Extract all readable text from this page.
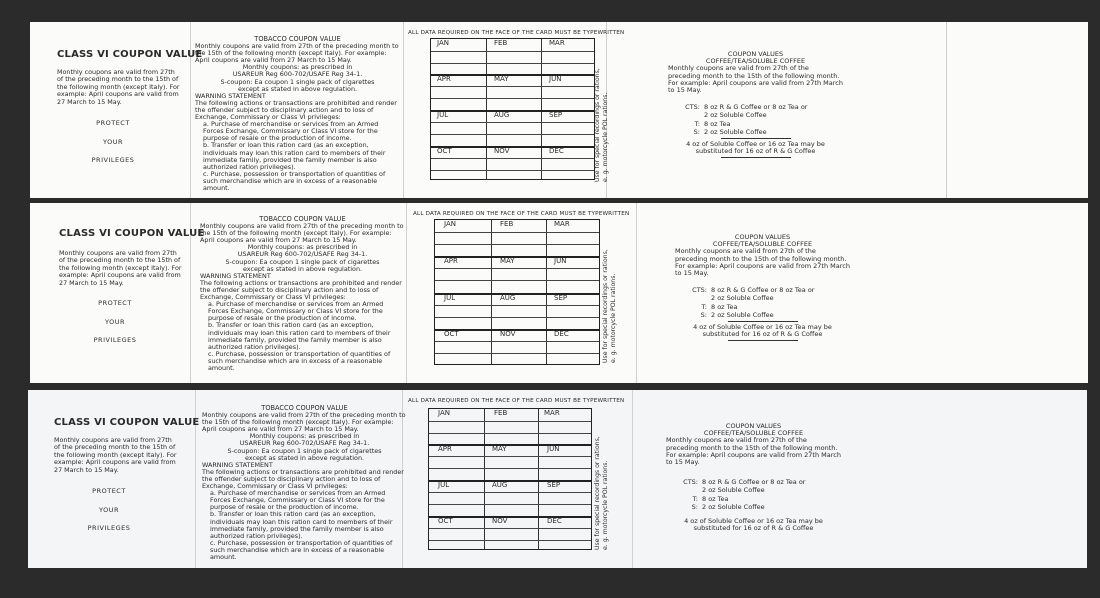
CLASS VI COUPON VALUE
Monthly coupons are valid from 27th of the preceding month to the 15th of the following month (except Italy). For example: April coupons are valid from 27 March to 15 May.
PROTECT
YOUR
PRIVILEGES
TOBACCO COUPON VALUE
Monthly coupons are valid from 27th of the preceding month to the 15th of the following month (except Italy). For example: April coupons are valid from 27 March to 15 May.
Monthly coupons: as prescribed in
USAREUR Reg 600-702/USAFE Reg 34-1.
S-coupon: Ea coupon 1 single pack of cigarettes
except as stated in above regulation.
WARNING STATEMENT
The following actions or transactions are prohibited and render the offender subject to disciplinary action and to loss of Exchange, Commissary or Class VI privileges:
a. Purchase of merchandise or services from an Armed Forces Exchange, Commissary or Class VI store for the purpose of resale or the production of income.
b. Transfer or loan this ration card (as an exception, individuals may loan this ration card to members of their immediate family, provided the family member is also authorized ration privileges).
c. Purchase, possession or transportation of quantities of such merchandise which are in excess of a reasonable amount.
ALL DATA REQUIRED ON THE FACE OF THE CARD MUST BE TYPEWRITTEN
JAN	FEB	MAR
APR	MAY	JUN
JUL	AUG	SEP
OCT	NOV	DEC	Use for special recordings or rations, e. g. motorcycle POL rations.
COUPON VALUES
COFFEE/TEA/SOLUBLE COFFEE
Monthly coupons are valid from 27th of the preceding month to the 15th of the following month. For example: April coupons are valid from 27th March to 15 May.
CTS: 8 oz R & G Coffee or 8 oz Tea or
2 oz Soluble Coffee
T: 8 oz Tea
S: 2 oz Soluble Coffee
4 oz of Soluble Coffee or 16 oz Tea may be substituted for 16 oz of R & G Coffee
CLASS VI COUPON VALUE
Monthly coupons are valid from 27th of the preceding month to the 15th of the following month (except Italy). For example: April coupons are valid from 27 March to 15 May.
PROTECT
YOUR
PRIVILEGES
TOBACCO COUPON VALUE
Monthly coupons are valid from 27th of the preceding month to the 15th of the following month (except Italy). For example: April coupons are valid from 27 March to 15 May.
Monthly coupons: as prescribed in
USAREUR Reg 600-702/USAFE Reg 34-1.
S-coupon: Ea coupon 1 single pack of cigarettes
except as stated in above regulation.
WARNING STATEMENT
The following actions or transactions are prohibited and render the offender subject to disciplinary action and to loss of Exchange, Commissary or Class VI privileges:
a. Purchase of merchandise or services from an Armed Forces Exchange, Commissary or Class VI store for the purpose of resale or the production of income.
b. Transfer or loan this ration card (as an exception, individuals may loan this ration card to members of their immediate family, provided the family member is also authorized ration privileges).
c. Purchase, possession or transportation of quantities of such merchandise which are in excess of a reasonable amount.
ALL DATA REQUIRED ON THE FACE OF THE CARD MUST BE TYPEWRITTEN
JAN	FEB	MAR
APR	MAY	JUN
JUL	AUG	SEP
OCT	NOV	DEC	Use for special recordings or rations, e. g. motorcycle POL rations.
COUPON VALUES
COFFEE/TEA/SOLUBLE COFFEE
Monthly coupons are valid from 27th of the preceding month to the 15th of the following month. For example: April coupons are valid from 27th March to 15 May.
CTS: 8 oz R & G Coffee or 8 oz Tea or
2 oz Soluble Coffee
T: 8 oz Tea
S: 2 oz Soluble Coffee
4 oz of Soluble Coffee or 16 oz Tea may be substituted for 16 oz of R & G Coffee
CLASS VI COUPON VALUE
Monthly coupons are valid from 27th of the preceding month to the 15th of the following month (except Italy). For example: April coupons are valid from 27 March to 15 May.
PROTECT
YOUR
PRIVILEGES
TOBACCO COUPON VALUE
Monthly coupons are valid from 27th of the preceding month to the 15th of the following month (except Italy). For example: April coupons are valid from 27 March to 15 May.
Monthly coupons: as prescribed in
USAREUR Reg 600-702/USAFE Reg 34-1.
S-coupon: Ea coupon 1 single pack of cigarettes
except as stated in above regulation.
WARNING STATEMENT
The following actions or transactions are prohibited and render the offender subject to disciplinary action and to loss of Exchange, Commissary or Class VI privileges:
a. Purchase of merchandise or services from an Armed Forces Exchange, Commissary or Class VI store for the purpose of resale or the production of income.
b. Transfer or loan this ration card (as an exception, individuals may loan this ration card to members of their immediate family, provided the family member is also authorized ration privileges).
c. Purchase, possession or transportation of quantities of such merchandise which are in excess of a reasonable amount.
ALL DATA REQUIRED ON THE FACE OF THE CARD MUST BE TYPEWRITTEN
JAN	FEB	MAR
APR	MAY	JUN
JUL	AUG	SEP
OCT	NOV	DEC	Use for special recordings or rations, e. g. motorcycle POL rations.
COUPON VALUES
COFFEE/TEA/SOLUBLE COFFEE
Monthly coupons are valid from 27th of the preceding month to the 15th of the following month. For example: April coupons are valid from 27th March to 15 May.
CTS: 8 oz R & G Coffee or 8 oz Tea or
2 oz Soluble Coffee
T: 8 oz Tea
S: 2 oz Soluble Coffee
4 oz of Soluble Coffee or 16 oz Tea may be substituted for 16 oz of R & G Coffee
